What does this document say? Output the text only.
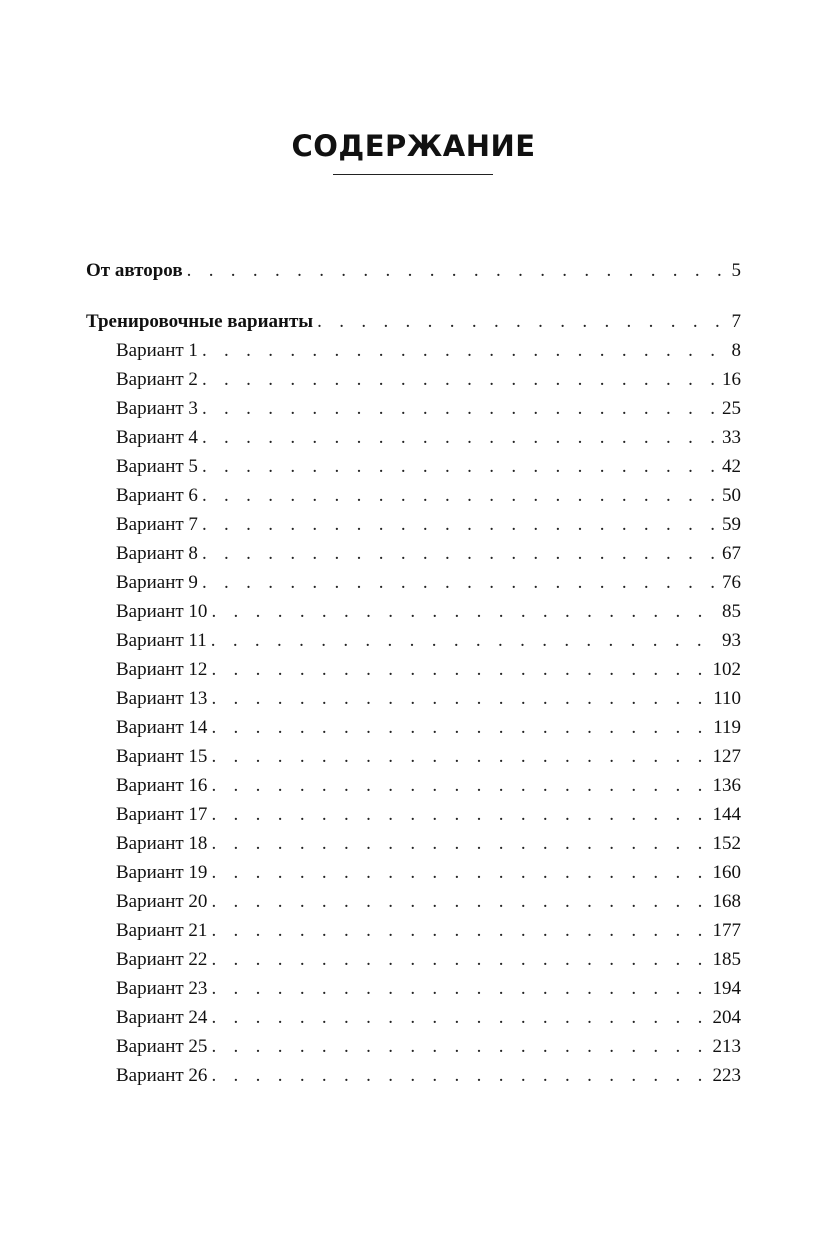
СОДЕРЖАНИЕ
От авторов . . .	5
Тренировочные варианты . . .	7
Вариант 1 . . .	8
Вариант 2 . . .	16
Вариант 3 . . .	25
Вариант 4 . . .	33
Вариант 5 . . .	42
Вариант 6 . . .	50
Вариант 7 . . .	59
Вариант 8 . . .	67
Вариант 9 . . .	76
Вариант 10 . . .	85
Вариант 11 . . .	93
Вариант 12 . . .	102
Вариант 13 . . .	110
Вариант 14 . . .	119
Вариант 15 . . .	127
Вариант 16 . . .	136
Вариант 17 . . .	144
Вариант 18 . . .	152
Вариант 19 . . .	160
Вариант 20 . . .	168
Вариант 21 . . .	177
Вариант 22 . . .	185
Вариант 23 . . .	194
Вариант 24 . . .	204
Вариант 25 . . .	213
Вариант 26 . . .	223
